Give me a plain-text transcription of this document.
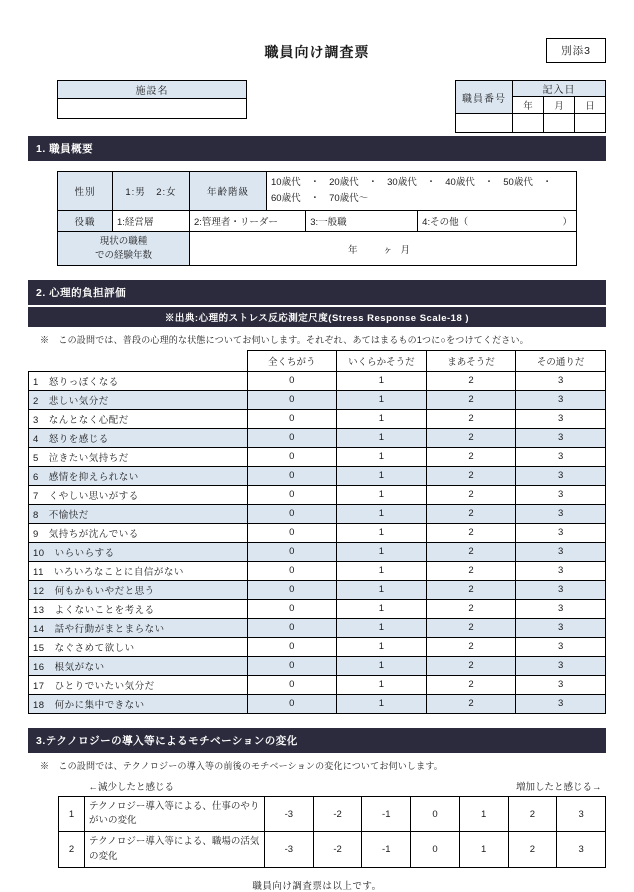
職員向け調査票	別添3
施設名

職員番号	記入日		
	年	月	日

1. 職員概要
性別	1:男　2:女	年齢階級	10歳代　・　20歳代　・　30歳代　・　40歳代　・　50歳代　・
60歳代　・　70歳代～		

役職	1:経営層	2:管理者・リーダー		3:一般職	4:その他（ ）

現状の職種
での経験年数		年　ヶ月			
2. 心理的負担評価
※出典:心理的ストレス反応測定尺度(Stress Response Scale-18 )
※　この設問では、普段の心理的な状態についてお伺いします。それぞれ、あてはまるもの1つに○をつけてください。
	全くちがう	いくらかそうだ	まあそうだ	その通りだ
1　怒りっぽくなる	0	1	2	3
2　悲しい気分だ	0	1	2	3
3　なんとなく心配だ	0	1	2	3
4　怒りを感じる	0	1	2	3
5　泣きたい気持ちだ	0	1	2	3
6　感情を抑えられない	0	1	2	3
7　くやしい思いがする	0	1	2	3
8　不愉快だ	0	1	2	3
9　気持ちが沈んでいる	0	1	2	3
10　いらいらする	0	1	2	3
11　いろいろなことに自信がない	0	1	2	3
12　何もかもいやだと思う	0	1	2	3
13　よくないことを考える	0	1	2	3
14　話や行動がまとまらない	0	1	2	3
15　なぐさめて欲しい	0	1	2	3
16　根気がない	0	1	2	3
17　ひとりでいたい気分だ	0	1	2	3
18　何かに集中できない	0	1	2	3
3.テクノロジーの導入等によるモチベーションの変化
※　この設問では、テクノロジーの導入等の前後のモチベーションの変化についてお伺いします。
	←減少したと感じる						増加したと感じる→	
1	テクノロジー導入等による、仕事のやりがいの変化	-3	-2	-1	0	1	2	3
2	テクノロジー導入等による、職場の活気の変化	-3	-2	-1	0	1	2	3
職員向け調査票は以上です。
